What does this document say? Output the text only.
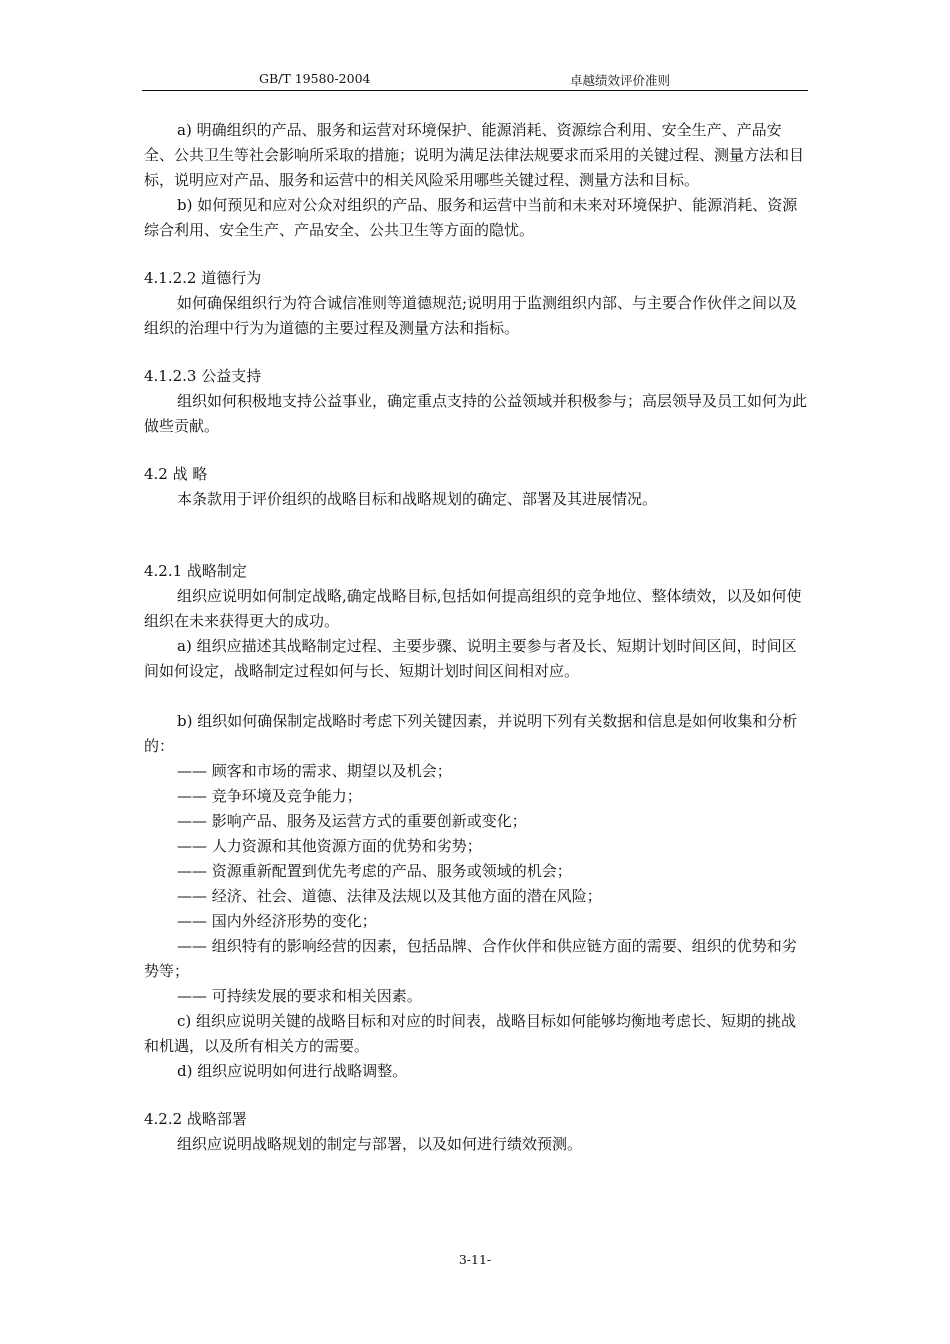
GB/T 19580-2004	卓越绩效评价准则

a) 明确组织的产品、服务和运营对环境保护、能源消耗、资源综合利用、安全生产、产品安全、公共卫生等社会影响所采取的措施；说明为满足法律法规要求而采用的关键过程、测量方法和目标，说明应对产品、服务和运营中的相关风险采用哪些关键过程、测量方法和目标。

b) 如何预见和应对公众对组织的产品、服务和运营中当前和未来对环境保护、能源消耗、资源综合利用、安全生产、产品安全、公共卫生等方面的隐忧。

4.1.2.2 道德行为

如何确保组织行为符合诚信准则等道德规范;说明用于监测组织内部、与主要合作伙伴之间以及组织的治理中行为为道德的主要过程及测量方法和指标。

4.1.2.3 公益支持

组织如何积极地支持公益事业，确定重点支持的公益领域并积极参与；高层领导及员工如何为此做些贡献。

4.2 战 略

本条款用于评价组织的战略目标和战略规划的确定、部署及其进展情况。

4.2.1 战略制定

组织应说明如何制定战略,确定战略目标,包括如何提高组织的竞争地位、整体绩效，以及如何使组织在未来获得更大的成功。

a) 组织应描述其战略制定过程、主要步骤、说明主要参与者及长、短期计划时间区间，时间区间如何设定，战略制定过程如何与长、短期计划时间区间相对应。

b) 组织如何确保制定战略时考虑下列关键因素，并说明下列有关数据和信息是如何收集和分析的：

—— 顾客和市场的需求、期望以及机会；

—— 竞争环境及竞争能力；

—— 影响产品、服务及运营方式的重要创新或变化；

—— 人力资源和其他资源方面的优势和劣势；

—— 资源重新配置到优先考虑的产品、服务或领域的机会；

—— 经济、社会、道德、法律及法规以及其他方面的潜在风险；

—— 国内外经济形势的变化；

—— 组织特有的影响经营的因素，包括品牌、合作伙伴和供应链方面的需要、组织的优势和劣势等；

—— 可持续发展的要求和相关因素。

c) 组织应说明关键的战略目标和对应的时间表，战略目标如何能够均衡地考虑长、短期的挑战和机遇，以及所有相关方的需要。

d) 组织应说明如何进行战略调整。

4.2.2 战略部署

组织应说明战略规划的制定与部署，以及如何进行绩效预测。

3-11-
